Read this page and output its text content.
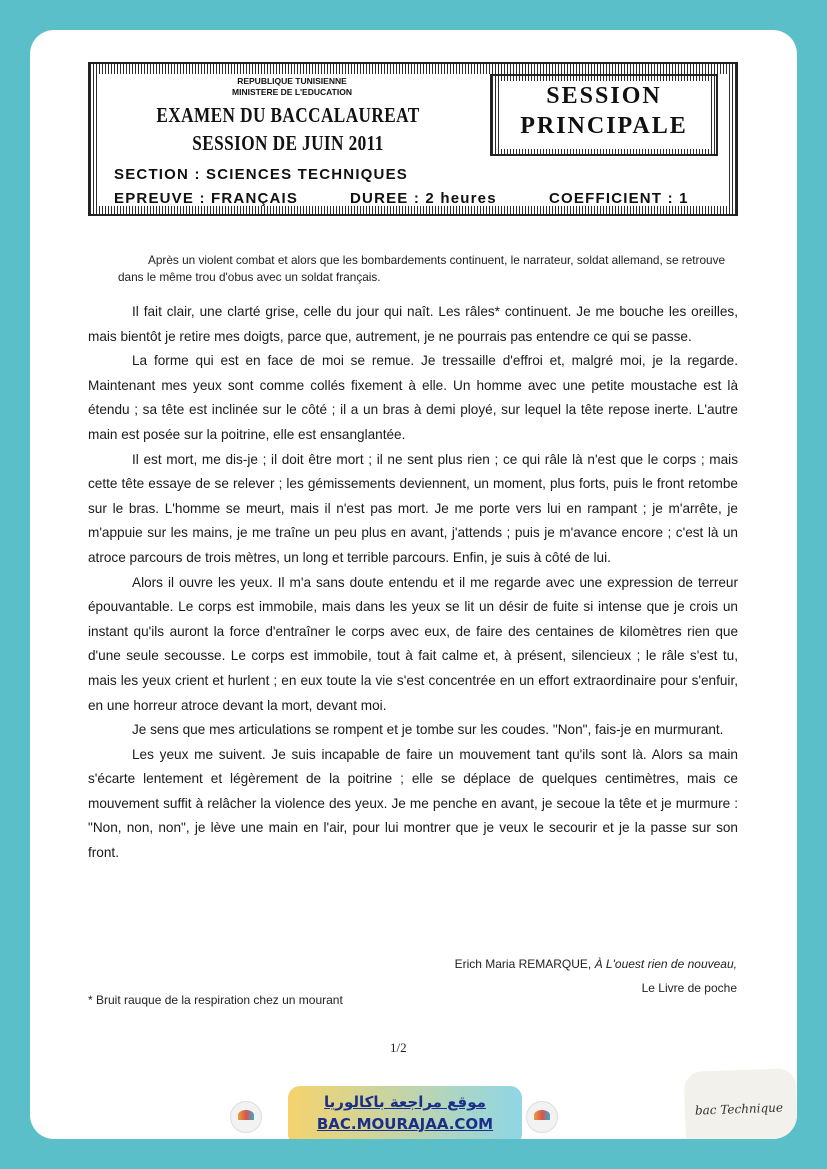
REPUBLIQUE TUNISIENNE
MINISTERE DE L'EDUCATION
EXAMEN DU BACCALAUREAT
SESSION DE JUIN 2011
SECTION : SCIENCES TECHNIQUES
EPREUVE : FRANÇAIS	DUREE : 2 heures	COEFFICIENT : 1
SESSION
PRINCIPALE
Après un violent combat et alors que les bombardements continuent, le narrateur, soldat allemand, se retrouve dans le même trou d'obus avec un soldat français.

Il fait clair, une clarté grise, celle du jour qui naît. Les râles* continuent. Je me bouche les oreilles, mais bientôt je retire mes doigts, parce que, autrement, je ne pourrais pas entendre ce qui se passe.

La forme qui est en face de moi se remue. Je tressaille d'effroi et, malgré moi, je la regarde. Maintenant mes yeux sont comme collés fixement à elle. Un homme avec une petite moustache est là étendu ; sa tête est inclinée sur le côté ; il a un bras à demi ployé, sur lequel la tête repose inerte. L'autre main est posée sur la poitrine, elle est ensanglantée.

Il est mort, me dis-je ; il doit être mort ; il ne sent plus rien ; ce qui râle là n'est que le corps ; mais cette tête essaye de se relever ; les gémissements deviennent, un moment, plus forts, puis le front retombe sur le bras. L'homme se meurt, mais il n'est pas mort. Je me porte vers lui en rampant ; je m'arrête, je m'appuie sur les mains, je me traîne un peu plus en avant, j'attends ; puis je m'avance encore ; c'est là un atroce parcours de trois mètres, un long et terrible parcours. Enfin, je suis à côté de lui.

Alors il ouvre les yeux. Il m'a sans doute entendu et il me regarde avec une expression de terreur épouvantable. Le corps est immobile, mais dans les yeux se lit un désir de fuite si intense que je crois un instant qu'ils auront la force d'entraîner le corps avec eux, de faire des centaines de kilomètres rien que d'une seule secousse. Le corps est immobile, tout à fait calme et, à présent, silencieux ; le râle s'est tu, mais les yeux crient et hurlent ; en eux toute la vie s'est concentrée en un effort extraordinaire pour s'enfuir, en une horreur atroce devant la mort, devant moi.

Je sens que mes articulations se rompent et je tombe sur les coudes. "Non", fais-je en murmurant.

Les yeux me suivent. Je suis incapable de faire un mouvement tant qu'ils sont là. Alors sa main s'écarte lentement et légèrement de la poitrine ; elle se déplace de quelques centimètres, mais ce mouvement suffit à relâcher la violence des yeux. Je me penche en avant, je secoue la tête et je murmure : "Non, non, non", je lève une main en l'air, pour lui montrer que je veux le secourir et je la passe sur son front.

Erich Maria REMARQUE, À L'ouest rien de nouveau,
Le Livre de poche
* Bruit rauque de la respiration chez un mourant
1/2
موقع مراجعة باكالوريا
BAC.MOURAJAA.COM
bac Technique
